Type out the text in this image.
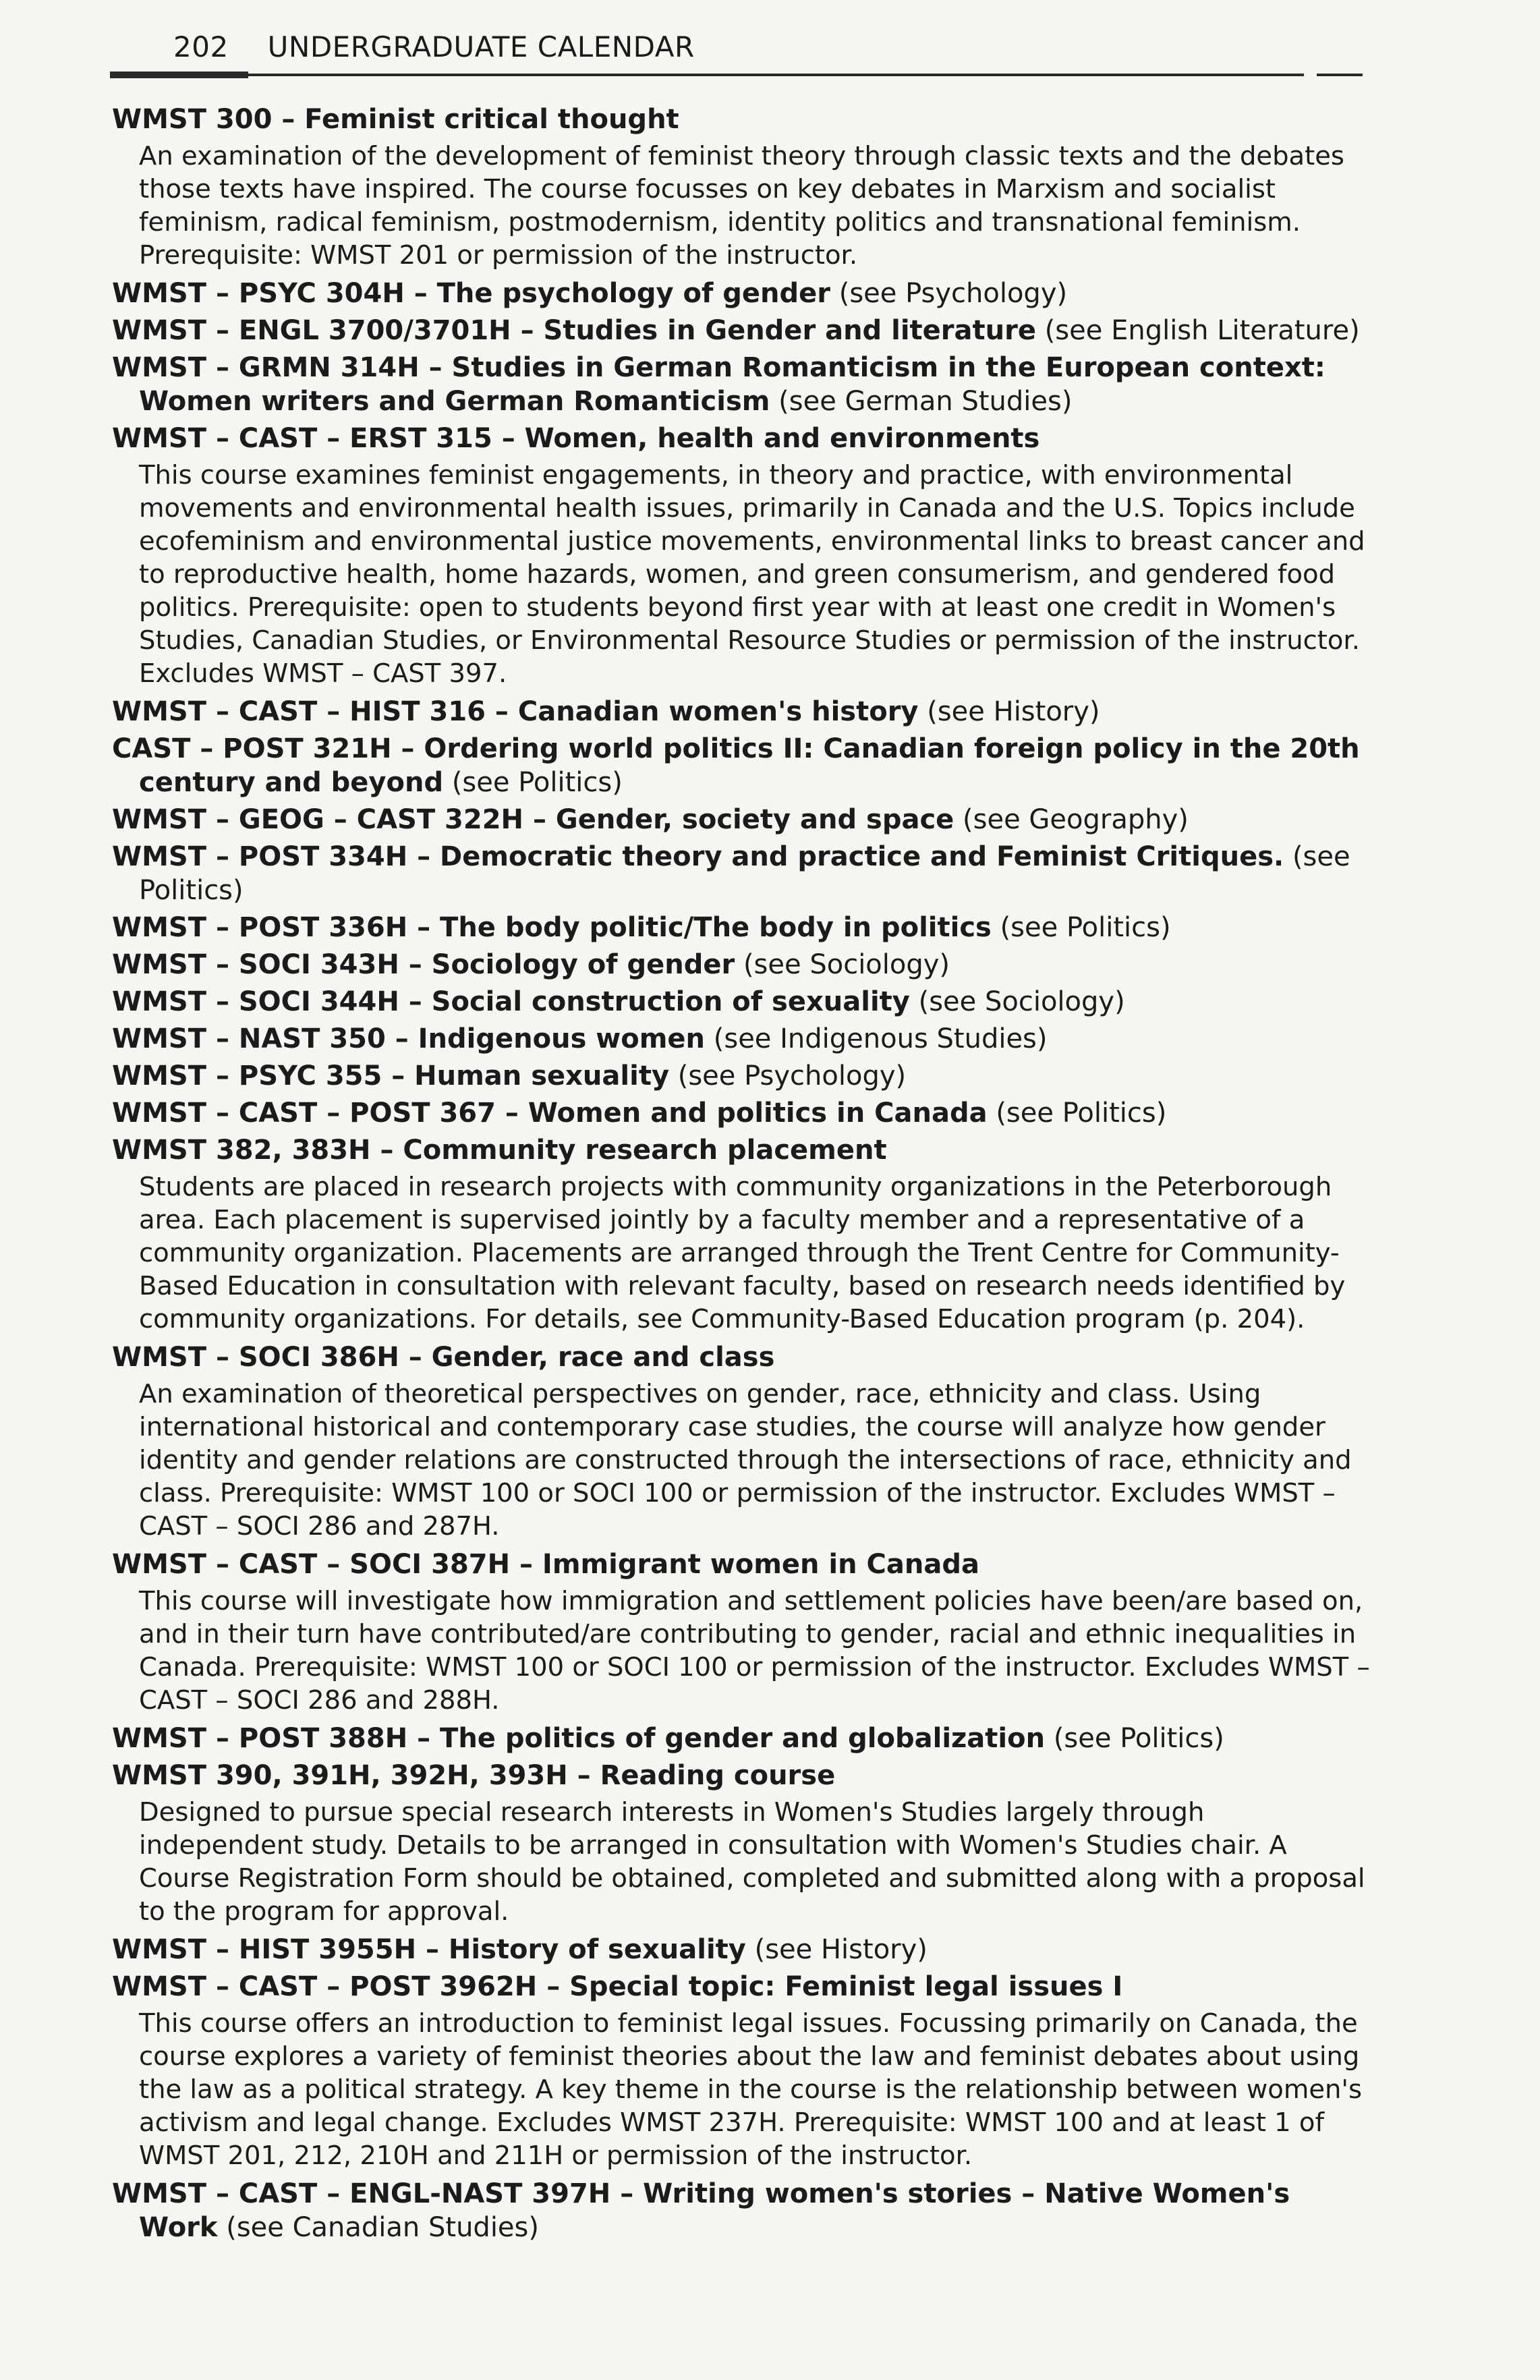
202 UNDERGRADUATE CALENDAR

WMST 300 – Feminist critical thought

An examination of the development of feminist theory through classic texts and the debates those texts have inspired. The course focusses on key debates in Marxism and socialist feminism, radical feminism, postmodernism, identity politics and transnational feminism. Prerequisite: WMST 201 or permission of the instructor.

WMST – PSYC 304H – The psychology of gender (see Psychology)

WMST – ENGL 3700/3701H – Studies in Gender and literature (see English Literature)

WMST – GRMN 314H – Studies in German Romanticism in the European context: Women writers and German Romanticism (see German Studies)

WMST – CAST – ERST 315 – Women, health and environments

This course examines feminist engagements, in theory and practice, with environmental movements and environmental health issues, primarily in Canada and the U.S. Topics include ecofeminism and environmental justice movements, environmental links to breast cancer and to reproductive health, home hazards, women, and green consumerism, and gendered food politics. Prerequisite: open to students beyond first year with at least one credit in Women's Studies, Canadian Studies, or Environmental Resource Studies or permission of the instructor. Excludes WMST – CAST 397.

WMST – CAST – HIST 316 – Canadian women's history (see History)

CAST – POST 321H – Ordering world politics II: Canadian foreign policy in the 20th century and beyond (see Politics)

WMST – GEOG – CAST 322H – Gender, society and space (see Geography)

WMST – POST 334H – Democratic theory and practice and Feminist Critiques. (see Politics)

WMST – POST 336H – The body politic/The body in politics (see Politics)

WMST – SOCI 343H – Sociology of gender (see Sociology)

WMST – SOCI 344H – Social construction of sexuality (see Sociology)

WMST – NAST 350 – Indigenous women (see Indigenous Studies)

WMST – PSYC 355 – Human sexuality (see Psychology)

WMST – CAST – POST 367 – Women and politics in Canada (see Politics)

WMST 382, 383H – Community research placement

Students are placed in research projects with community organizations in the Peterborough area. Each placement is supervised jointly by a faculty member and a representative of a community organization. Placements are arranged through the Trent Centre for Community-Based Education in consultation with relevant faculty, based on research needs identified by community organizations. For details, see Community-Based Education program (p. 204).

WMST – SOCI 386H – Gender, race and class

An examination of theoretical perspectives on gender, race, ethnicity and class. Using international historical and contemporary case studies, the course will analyze how gender identity and gender relations are constructed through the intersections of race, ethnicity and class. Prerequisite: WMST 100 or SOCI 100 or permission of the instructor. Excludes WMST – CAST – SOCI 286 and 287H.

WMST – CAST – SOCI 387H – Immigrant women in Canada

This course will investigate how immigration and settlement policies have been/are based on, and in their turn have contributed/are contributing to gender, racial and ethnic inequalities in Canada. Prerequisite: WMST 100 or SOCI 100 or permission of the instructor. Excludes WMST – CAST – SOCI 286 and 288H.

WMST – POST 388H – The politics of gender and globalization (see Politics)

WMST 390, 391H, 392H, 393H – Reading course

Designed to pursue special research interests in Women's Studies largely through independent study. Details to be arranged in consultation with Women's Studies chair. A Course Registration Form should be obtained, completed and submitted along with a proposal to the program for approval.

WMST – HIST 3955H – History of sexuality (see History)

WMST – CAST – POST 3962H – Special topic: Feminist legal issues I

This course offers an introduction to feminist legal issues. Focussing primarily on Canada, the course explores a variety of feminist theories about the law and feminist debates about using the law as a political strategy. A key theme in the course is the relationship between women's activism and legal change. Excludes WMST 237H. Prerequisite: WMST 100 and at least 1 of WMST 201, 212, 210H and 211H or permission of the instructor.

WMST – CAST – ENGL-NAST 397H – Writing women's stories – Native Women's Work (see Canadian Studies)
